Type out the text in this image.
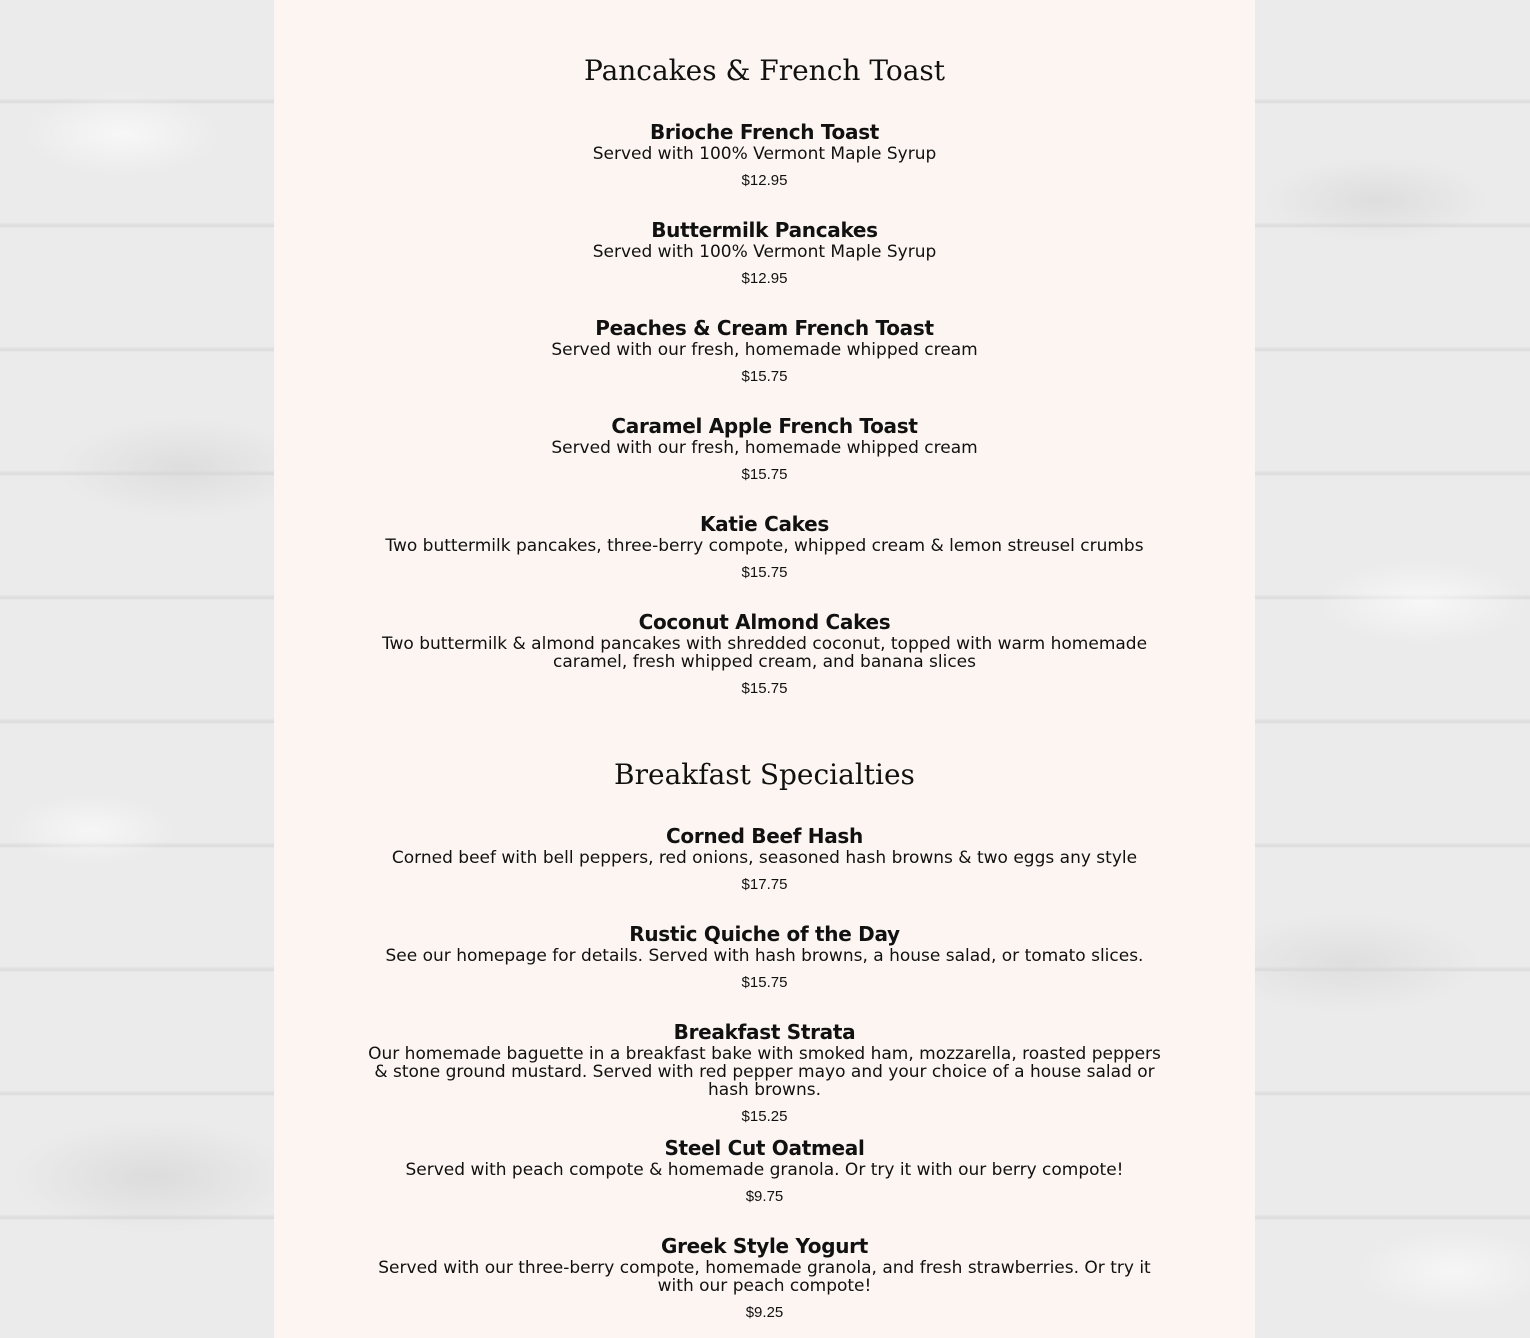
Pancakes & French Toast
Brioche French Toast
Served with 100% Vermont Maple Syrup
$12.95
Buttermilk Pancakes
Served with 100% Vermont Maple Syrup
$12.95
Peaches & Cream French Toast
Served with our fresh, homemade whipped cream
$15.75
Caramel Apple French Toast
Served with our fresh, homemade whipped cream
$15.75
Katie Cakes
Two buttermilk pancakes, three-berry compote, whipped cream & lemon streusel crumbs
$15.75
Coconut Almond Cakes
Two buttermilk & almond pancakes with shredded coconut, topped with warm homemade caramel, fresh whipped cream, and banana slices
$15.75
Breakfast Specialties
Corned Beef Hash
Corned beef with bell peppers, red onions, seasoned hash browns & two eggs any style
$17.75
Rustic Quiche of the Day
See our homepage for details. Served with hash browns, a house salad, or tomato slices.
$15.75
Breakfast Strata
Our homemade baguette in a breakfast bake with smoked ham, mozzarella, roasted peppers & stone ground mustard. Served with red pepper mayo and your choice of a house salad or hash browns.
$15.25
Steel Cut Oatmeal
Served with peach compote & homemade granola. Or try it with our berry compote!
$9.75
Greek Style Yogurt
Served with our three-berry compote, homemade granola, and fresh strawberries. Or try it with our peach compote!
$9.25
